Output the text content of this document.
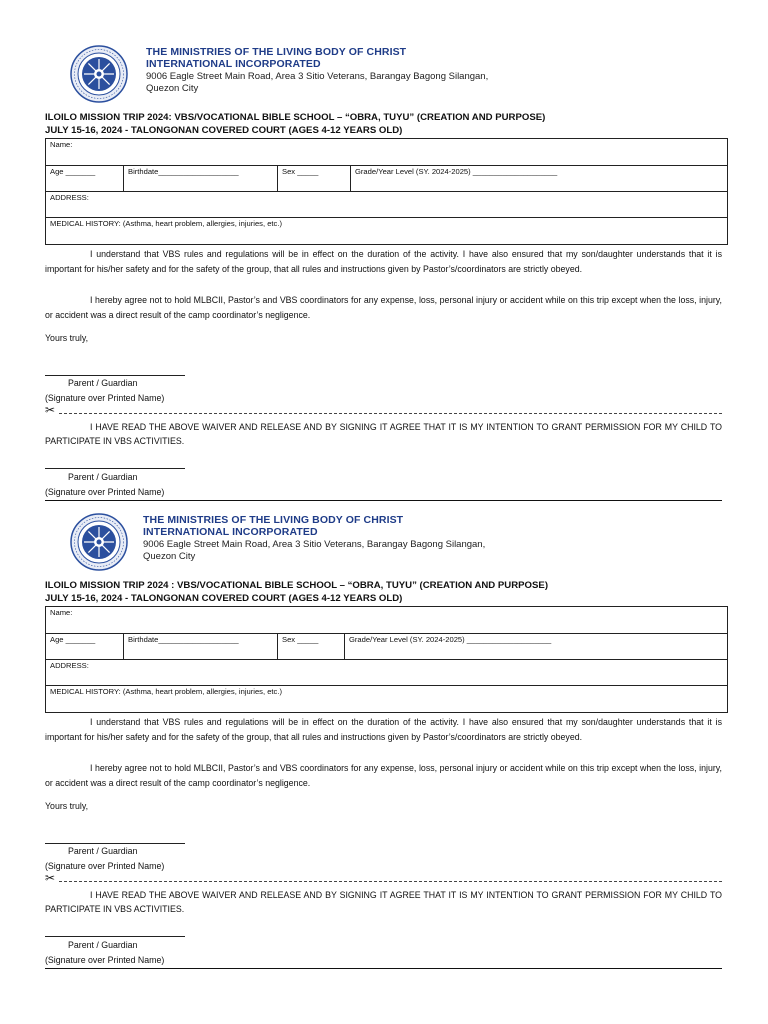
THE MINISTRIES OF THE LIVING BODY OF CHRIST
INTERNATIONAL INCORPORATED
9006 Eagle Street Main Road, Area 3 Sitio Veterans, Barangay Bagong Silangan,
Quezon City
ILOILO MISSION TRIP 2024: VBS/VOCATIONAL BIBLE SCHOOL – “OBRA, TUYU” (CREATION AND PURPOSE)
JULY 15-16, 2024 - TALONGONAN COVERED COURT (AGES 4-12 YEARS OLD)
Name:
Age _______	Birthdate___________________	Sex _____	Grade/Year Level (SY. 2024-2025) ____________________
ADDRESS:
MEDICAL HISTORY: (Asthma, heart problem, allergies, injuries, etc.)
I understand that VBS rules and regulations will be in effect on the duration of the activity. I have also ensured that my son/daughter understands that it is important for his/her safety and for the safety of the group, that all rules and instructions given by Pastor’s/coordinators are strictly obeyed.
I hereby agree not to hold MLBCII, Pastor’s and VBS coordinators for any expense, loss, personal injury or accident while on this trip except when the loss, injury, or accident was a direct result of the camp coordinator’s negligence.
Yours truly,
Parent / Guardian
(Signature over Printed Name)
✂
I HAVE READ THE ABOVE WAIVER AND RELEASE AND BY SIGNING IT AGREE THAT IT IS MY INTENTION TO GRANT PERMISSION FOR MY CHILD TO PARTICIPATE IN VBS ACTIVITIES.
Parent / Guardian
(Signature over Printed Name)
THE MINISTRIES OF THE LIVING BODY OF CHRIST
INTERNATIONAL INCORPORATED
9006 Eagle Street Main Road, Area 3 Sitio Veterans, Barangay Bagong Silangan,
Quezon City
ILOILO MISSION TRIP 2024 : VBS/VOCATIONAL BIBLE SCHOOL – “OBRA, TUYU” (CREATION AND PURPOSE)
JULY 15-16, 2024 - TALONGONAN COVERED COURT (AGES 4-12 YEARS OLD)
Name:
Age _______	Birthdate___________________	Sex _____	Grade/Year Level (SY. 2024-2025) ____________________
ADDRESS:
MEDICAL HISTORY: (Asthma, heart problem, allergies, injuries, etc.)
I understand that VBS rules and regulations will be in effect on the duration of the activity. I have also ensured that my son/daughter understands that it is important for his/her safety and for the safety of the group, that all rules and instructions given by Pastor’s/coordinators are strictly obeyed.
I hereby agree not to hold MLBCII, Pastor’s and VBS coordinators for any expense, loss, personal injury or accident while on this trip except when the loss, injury, or accident was a direct result of the camp coordinator’s negligence.
Yours truly,
Parent / Guardian
(Signature over Printed Name)
✂
I HAVE READ THE ABOVE WAIVER AND RELEASE AND BY SIGNING IT AGREE THAT IT IS MY INTENTION TO GRANT PERMISSION FOR MY CHILD TO PARTICIPATE IN VBS ACTIVITIES.
Parent / Guardian
(Signature over Printed Name)
